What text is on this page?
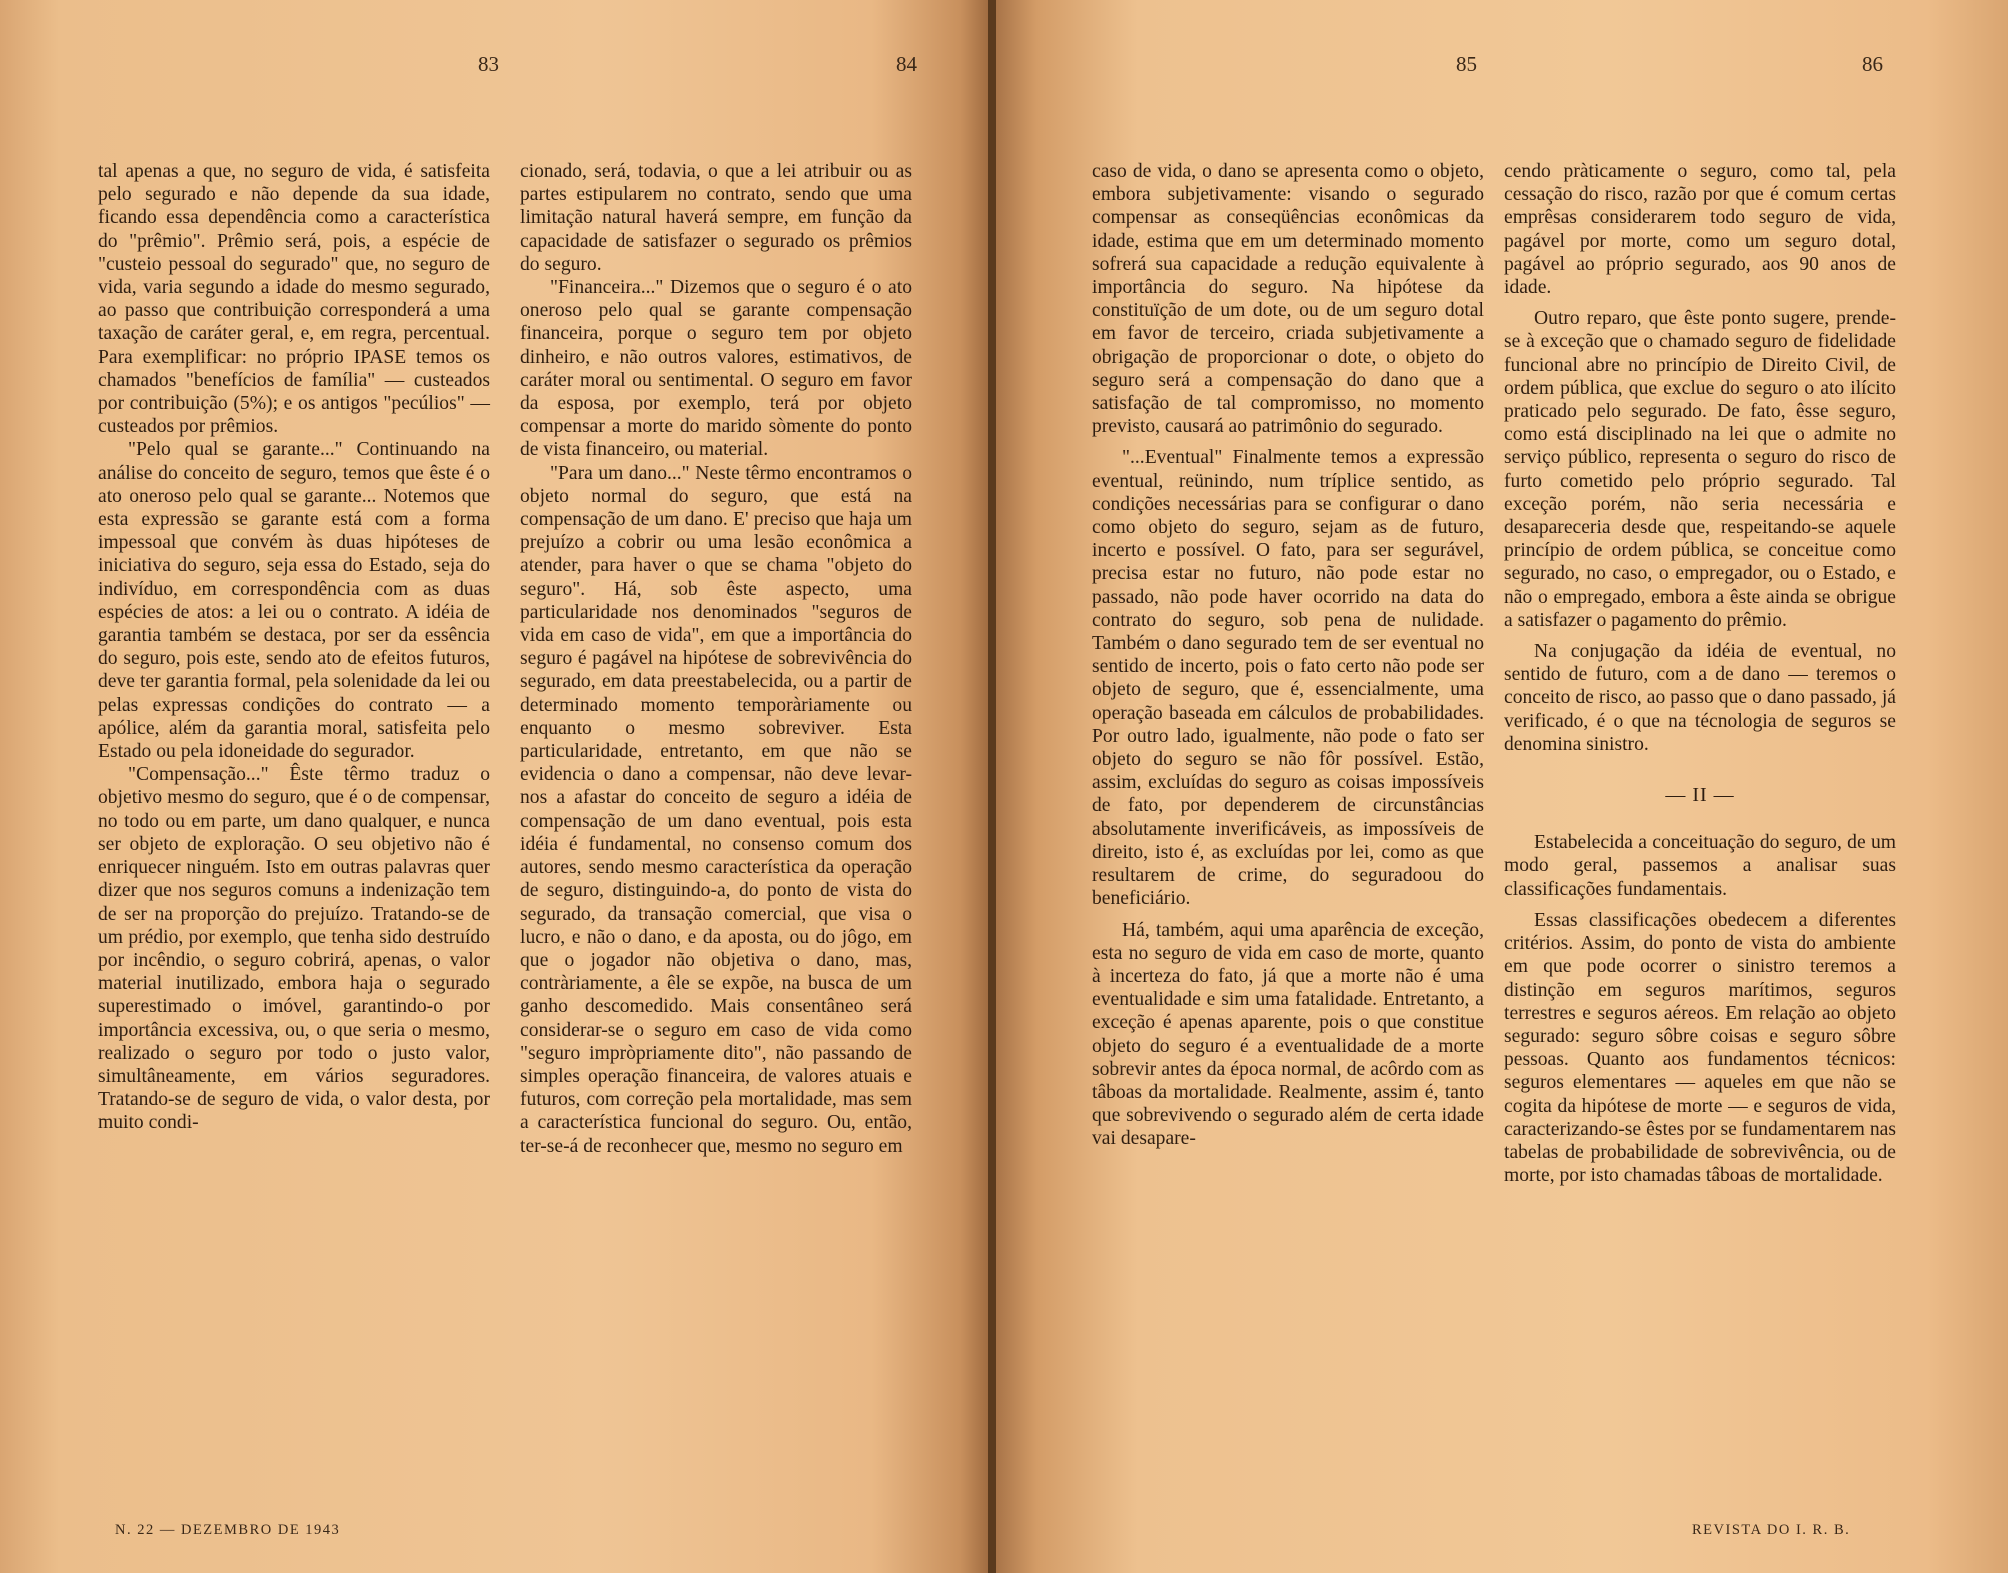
83	84

tal apenas a que, no seguro de vida, é satisfeita pelo segurado e não depende da sua idade, ficando essa dependência como a característica do "prêmio". Prêmio será, pois, a espécie de "custeio pessoal do segurado" que, no seguro de vida, varia segundo a idade do mesmo segurado, ao passo que contribuição corresponderá a uma taxação de caráter geral, e, em regra, percentual. Para exemplificar: no próprio IPASE temos os chamados "benefícios de família" — custeados por contribuição (5%); e os antigos "pecúlios" — custeados por prêmios.

"Pelo qual se garante..." Continuando na análise do conceito de seguro, temos que êste é o ato oneroso pelo qual se garante... Notemos que esta expressão se garante está com a forma impessoal que convém às duas hipóteses de iniciativa do seguro, seja essa do Estado, seja do indivíduo, em correspondência com as duas espécies de atos: a lei ou o contrato. A idéia de garantia também se destaca, por ser da essência do seguro, pois este, sendo ato de efeitos futuros, deve ter garantia formal, pela solenidade da lei ou pelas expressas condições do contrato — a apólice, além da garantia moral, satisfeita pelo Estado ou pela idoneidade do segurador.

"Compensação..." Êste têrmo traduz o objetivo mesmo do seguro, que é o de compensar, no todo ou em parte, um dano qualquer, e nunca ser objeto de exploração. O seu objetivo não é enriquecer ninguém. Isto em outras palavras quer dizer que nos seguros comuns a indenização tem de ser na proporção do prejuízo. Tratando-se de um prédio, por exemplo, que tenha sido destruído por incêndio, o seguro cobrirá, apenas, o valor material inutilizado, embora haja o segurado superestimado o imóvel, garantindo-o por importância excessiva, ou, o que seria o mesmo, realizado o seguro por todo o justo valor, simultâneamente, em vários seguradores. Tratando-se de seguro de vida, o valor desta, por muito condi-

cionado, será, todavia, o que a lei atribuir ou as partes estipularem no contrato, sendo que uma limitação natural haverá sempre, em função da capacidade de satisfazer o segurado os prêmios do seguro.

"Financeira..." Dizemos que o seguro é o ato oneroso pelo qual se garante compensação financeira, porque o seguro tem por objeto dinheiro, e não outros valores, estimativos, de caráter moral ou sentimental. O seguro em favor da esposa, por exemplo, terá por objeto compensar a morte do marido sòmente do ponto de vista financeiro, ou material.

"Para um dano..." Neste têrmo encontramos o objeto normal do seguro, que está na compensação de um dano. E' preciso que haja um prejuízo a cobrir ou uma lesão econômica a atender, para haver o que se chama "objeto do seguro". Há, sob êste aspecto, uma particularidade nos denominados "seguros de vida em caso de vida", em que a importância do seguro é pagável na hipótese de sobrevivência do segurado, em data preestabelecida, ou a partir de determinado momento temporàriamente ou enquanto o mesmo sobreviver. Esta particularidade, entretanto, em que não se evidencia o dano a compensar, não deve levar-nos a afastar do conceito de seguro a idéia de compensação de um dano eventual, pois esta idéia é fundamental, no consenso comum dos autores, sendo mesmo característica da operação de seguro, distinguindo-a, do ponto de vista do segurado, da transação comercial, que visa o lucro, e não o dano, e da aposta, ou do jôgo, em que o jogador não objetiva o dano, mas, contràriamente, a êle se expõe, na busca de um ganho descomedido. Mais consentâneo será considerar-se o seguro em caso de vida como "seguro impròpriamente dito", não passando de simples operação financeira, de valores atuais e futuros, com correção pela mortalidade, mas sem a característica funcional do seguro. Ou, então, ter-se-á de reconhecer que, mesmo no seguro em

N. 22 — DEZEMBRO DE 1943
85	86

caso de vida, o dano se apresenta como o objeto, embora subjetivamente: visando o segurado compensar as conseqüências econômicas da idade, estima que em um determinado momento sofrerá sua capacidade a redução equivalente à importância do seguro. Na hipótese da constituïção de um dote, ou de um seguro dotal em favor de terceiro, criada subjetivamente a obrigação de proporcionar o dote, o objeto do seguro será a compensação do dano que a satisfação de tal compromisso, no momento previsto, causará ao patrimônio do segurado.

"...Eventual" Finalmente temos a expressão eventual, reünindo, num tríplice sentido, as condições necessárias para se configurar o dano como objeto do seguro, sejam as de futuro, incerto e possível. O fato, para ser segurável, precisa estar no futuro, não pode estar no passado, não pode haver ocorrido na data do contrato do seguro, sob pena de nulidade. Também o dano segurado tem de ser eventual no sentido de incerto, pois o fato certo não pode ser objeto de seguro, que é, essencialmente, uma operação baseada em cálculos de probabilidades. Por outro lado, igualmente, não pode o fato ser objeto do seguro se não fôr possível. Estão, assim, excluídas do seguro as coisas impossíveis de fato, por dependerem de circunstâncias absolutamente inverificáveis, as impossíveis de direito, isto é, as excluídas por lei, como as que resultarem de crime, do seguradoou do beneficiário.

Há, também, aqui uma aparência de exceção, esta no seguro de vida em caso de morte, quanto à incerteza do fato, já que a morte não é uma eventualidade e sim uma fatalidade. Entretanto, a exceção é apenas aparente, pois o que constitue objeto do seguro é a eventualidade de a morte sobrevir antes da época normal, de acôrdo com as tâboas da mortalidade. Realmente, assim é, tanto que sobrevivendo o segurado além de certa idade vai desapare-

cendo pràticamente o seguro, como tal, pela cessação do risco, razão por que é comum certas emprêsas considerarem todo seguro de vida, pagável por morte, como um seguro dotal, pagável ao próprio segurado, aos 90 anos de idade.

Outro reparo, que êste ponto sugere, prende-se à exceção que o chamado seguro de fidelidade funcional abre no princípio de Direito Civil, de ordem pública, que exclue do seguro o ato ilícito praticado pelo segurado. De fato, êsse seguro, como está disciplinado na lei que o admite no serviço público, representa o seguro do risco de furto cometido pelo próprio segurado. Tal exceção porém, não seria necessária e desapareceria desde que, respeitando-se aquele princípio de ordem pública, se conceitue como segurado, no caso, o empregador, ou o Estado, e não o empregado, embora a êste ainda se obrigue a satisfazer o pagamento do prêmio.

Na conjugação da idéia de eventual, no sentido de futuro, com a de dano — teremos o conceito de risco, ao passo que o dano passado, já verificado, é o que na técnologia de seguros se denomina sinistro.

— II —

Estabelecida a conceituação do seguro, de um modo geral, passemos a analisar suas classificações fundamentais.

Essas classificações obedecem a diferentes critérios. Assim, do ponto de vista do ambiente em que pode ocorrer o sinistro teremos a distinção em seguros marítimos, seguros terrestres e seguros aéreos. Em relação ao objeto segurado: seguro sôbre coisas e seguro sôbre pessoas. Quanto aos fundamentos técnicos: seguros elementares — aqueles em que não se cogita da hipótese de morte — e seguros de vida, caracterizando-se êstes por se fundamentarem nas tabelas de probabilidade de sobrevivência, ou de morte, por isto chamadas tâboas de mortalidade.

REVISTA DO I. R. B.
